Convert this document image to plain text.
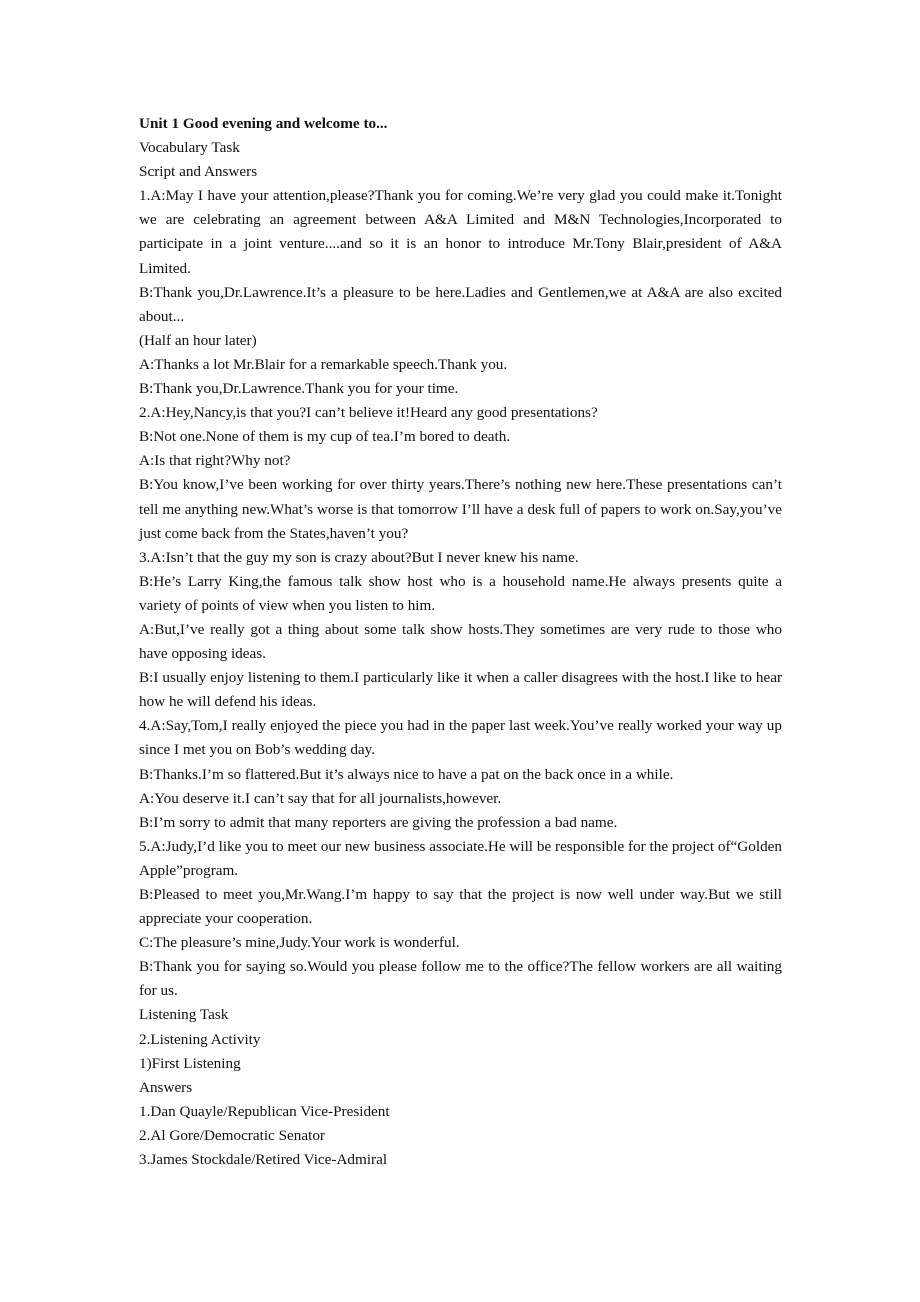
Unit 1 Good evening and welcome to...

Vocabulary Task

Script and Answers

1.A:May I have your attention,please?Thank you for coming.We’re very glad you could make it.Tonight we are celebrating an agreement between A&A Limited and M&N Technologies,Incorporated to participate in a joint venture....and so it is an honor to introduce Mr.Tony Blair,president of A&A Limited.

B:Thank you,Dr.Lawrence.It’s a pleasure to be here.Ladies and Gentlemen,we at A&A are also excited about...

(Half an hour later)

A:Thanks a lot Mr.Blair for a remarkable speech.Thank you.

B:Thank you,Dr.Lawrence.Thank you for your time.

2.A:Hey,Nancy,is that you?I can’t believe it!Heard any good presentations?

B:Not one.None of them is my cup of tea.I’m bored to death.

A:Is that right?Why not?

B:You know,I’ve been working for over thirty years.There’s nothing new here.These presentations can’t tell me anything new.What’s worse is that tomorrow I’ll have a desk full of papers to work on.Say,you’ve just come back from the States,haven’t you?

3.A:Isn’t that the guy my son is crazy about?But I never knew his name.

B:He’s Larry King,the famous talk show host who is a household name.He always presents quite a variety of points of view when you listen to him.

A:But,I’ve really got a thing about some talk show hosts.They sometimes are very rude to those who have opposing ideas.

B:I usually enjoy listening to them.I particularly like it when a caller disagrees with the host.I like to hear how he will defend his ideas.

4.A:Say,Tom,I really enjoyed the piece you had in the paper last week.You’ve really worked your way up since I met you on Bob’s wedding day.

B:Thanks.I’m so flattered.But it’s always nice to have a pat on the back once in a while.

A:You deserve it.I can’t say that for all journalists,however.

B:I’m sorry to admit that many reporters are giving the profession a bad name.

5.A:Judy,I’d like you to meet our new business associate.He will be responsible for the project of“Golden Apple”program.

B:Pleased to meet you,Mr.Wang.I’m happy to say that the project is now well under way.But we still appreciate your cooperation.

C:The pleasure’s mine,Judy.Your work is wonderful.

B:Thank you for saying so.Would you please follow me to the office?The fellow workers are all waiting for us.

Listening Task

2.Listening Activity

1)First Listening

Answers

1.Dan Quayle/Republican Vice-President

2.Al Gore/Democratic Senator

3.James Stockdale/Retired Vice-Admiral
